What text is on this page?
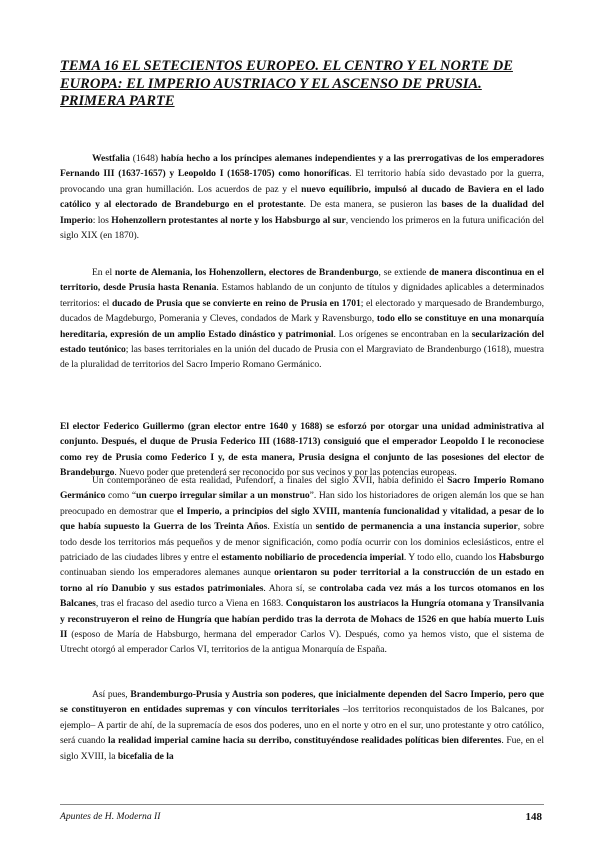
TEMA 16 EL SETECIENTOS EUROPEO. EL CENTRO Y EL NORTE DE EUROPA: EL IMPERIO AUSTRIACO Y EL ASCENSO DE PRUSIA. PRIMERA PARTE

Westfalia (1648) había hecho a los príncipes alemanes independientes y a las prerrogativas de los emperadores Fernando III (1637-1657) y Leopoldo I (1658-1705) como honoríficas. El territorio había sido devastado por la guerra, provocando una gran humillación. Los acuerdos de paz y el nuevo equilibrio, impulsó al ducado de Baviera en el lado católico y al electorado de Brandeburgo en el protestante. De esta manera, se pusieron las bases de la dualidad del Imperio: los Hohenzollern protestantes al norte y los Habsburgo al sur, venciendo los primeros en la futura unificación del siglo XIX (en 1870).

En el norte de Alemania, los Hohenzollern, electores de Brandenburgo, se extiende de manera discontinua en el territorio, desde Prusia hasta Renania. Estamos hablando de un conjunto de títulos y dignidades aplicables a determinados territorios: el ducado de Prusia que se convierte en reino de Prusia en 1701; el electorado y marquesado de Brandemburgo, ducados de Magdeburgo, Pomerania y Cleves, condados de Mark y Ravensburgo, todo ello se constituye en una monarquía hereditaria, expresión de un amplio Estado dinástico y patrimonial. Los orígenes se encontraban en la secularización del estado teutónico; las bases territoriales en la unión del ducado de Prusia con el Margraviato de Brandenburgo (1618), muestra de la pluralidad de territorios del Sacro Imperio Romano Germánico.

El elector Federico Guillermo (gran elector entre 1640 y 1688) se esforzó por otorgar una unidad administrativa al conjunto. Después, el duque de Prusia Federico III (1688-1713) consiguió que el emperador Leopoldo I le reconociese como rey de Prusia como Federico I y, de esta manera, Prusia designa el conjunto de las posesiones del elector de Brandeburgo. Nuevo poder que pretenderá ser reconocido por sus vecinos y por las potencias europeas.

Un contemporáneo de esta realidad, Pufendorf, a finales del siglo XVII, había definido el Sacro Imperio Romano Germánico como “un cuerpo irregular similar a un monstruo”. Han sido los historiadores de origen alemán los que se han preocupado en demostrar que el Imperio, a principios del siglo XVIII, mantenía funcionalidad y vitalidad, a pesar de lo que había supuesto la Guerra de los Treinta Años. Existía un sentido de permanencia a una instancia superior, sobre todo desde los territorios más pequeños y de menor significación, como podía ocurrir con los dominios eclesiásticos, entre el patriciado de las ciudades libres y entre el estamento nobiliario de procedencia imperial. Y todo ello, cuando los Habsburgo continuaban siendo los emperadores alemanes aunque orientaron su poder territorial a la construcción de un estado en torno al río Danubio y sus estados patrimoniales. Ahora sí, se controlaba cada vez más a los turcos otomanos en los Balcanes, tras el fracaso del asedio turco a Viena en 1683. Conquistaron los austriacos la Hungría otomana y Transilvania y reconstruyeron el reino de Hungría que habían perdido tras la derrota de Mohacs de 1526 en que había muerto Luis II (esposo de María de Habsburgo, hermana del emperador Carlos V). Después, como ya hemos visto, que el sistema de Utrecht otorgó al emperador Carlos VI, territorios de la antigua Monarquía de España.

Así pues, Brandemburgo-Prusia y Austria son poderes, que inicialmente dependen del Sacro Imperio, pero que se constituyeron en entidades supremas y con vínculos territoriales –los territorios reconquistados de los Balcanes, por ejemplo– A partir de ahí, de la supremacía de esos dos poderes, uno en el norte y otro en el sur, uno protestante y otro católico, será cuando la realidad imperial camine hacia su derribo, constituyéndose realidades políticas bien diferentes. Fue, en el siglo XVIII, la bicefalia de la

Apuntes de H. Moderna II	148
